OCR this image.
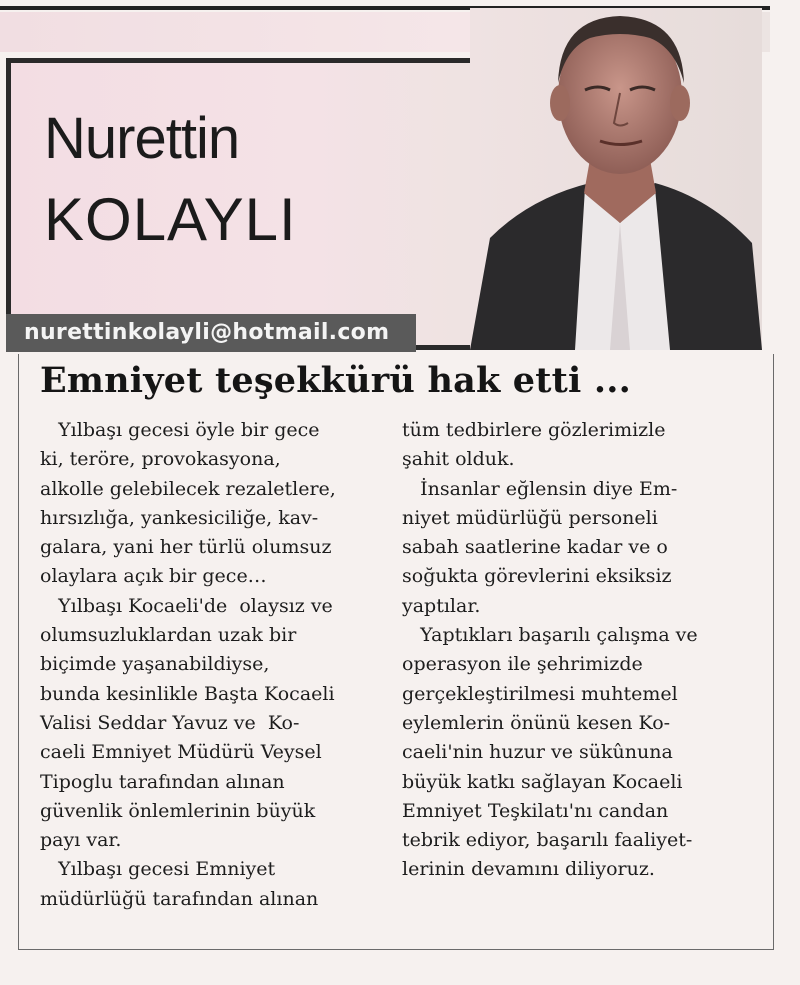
Nurettin
KOLAYLI
nurettinkolayli@hotmail.com
Emniyet teşekkürü hak etti ...

Yılbaşı gecesi öyle bir gece

ki, teröre, provokasyona,

alkolle gelebilecek rezaletlere,

hırsızlığa, yankesiciliğe, kav-

galara, yani her türlü olumsuz

olaylara açık bir gece…

Yılbaşı Kocaeli'de  olaysız ve

olumsuzluklardan uzak bir

biçimde yaşanabildiyse,

bunda kesinlikle Başta Kocaeli

Valisi Seddar Yavuz ve  Ko-

caeli Emniyet Müdürü Veysel

Tipoglu tarafından alınan

güvenlik önlemlerinin büyük

payı var.

Yılbaşı gecesi Emniyet

müdürlüğü tarafından alınan

tüm tedbirlere gözlerimizle

şahit olduk.

İnsanlar eğlensin diye Em-

niyet müdürlüğü personeli

sabah saatlerine kadar ve o

soğukta görevlerini eksiksiz

yaptılar.

Yaptıkları başarılı çalışma ve

operasyon ile şehrimizde

gerçekleştirilmesi muhtemel

eylemlerin önünü kesen Ko-

caeli'nin huzur ve sükûnuna

büyük katkı sağlayan Kocaeli

Emniyet Teşkilatı'nı candan

tebrik ediyor, başarılı faaliyet-

lerinin devamını diliyoruz.
